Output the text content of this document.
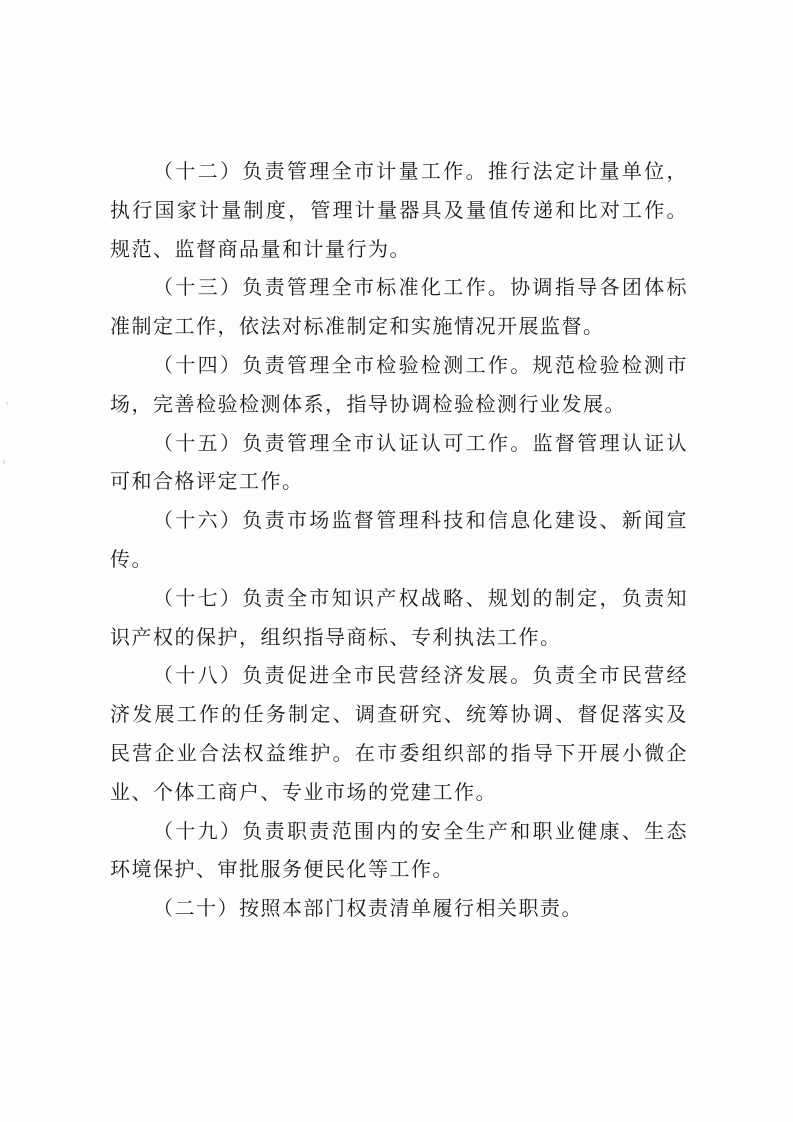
（十二）负责管理全市计量工作。推行法定计量单位，执行国家计量制度，管理计量器具及量值传递和比对工作。规范、监督商品量和计量行为。

（十三）负责管理全市标准化工作。协调指导各团体标准制定工作，依法对标准制定和实施情况开展监督。

（十四）负责管理全市检验检测工作。规范检验检测市场，完善检验检测体系，指导协调检验检测行业发展。

（十五）负责管理全市认证认可工作。监督管理认证认可和合格评定工作。

（十六）负责市场监督管理科技和信息化建设、新闻宣传。

（十七）负责全市知识产权战略、规划的制定，负责知识产权的保护，组织指导商标、专利执法工作。

（十八）负责促进全市民营经济发展。负责全市民营经济发展工作的任务制定、调查研究、统筹协调、督促落实及民营企业合法权益维护。在市委组织部的指导下开展小微企业、个体工商户、专业市场的党建工作。

（十九）负责职责范围内的安全生产和职业健康、生态环境保护、审批服务便民化等工作。

（二十）按照本部门权责清单履行相关职责。
